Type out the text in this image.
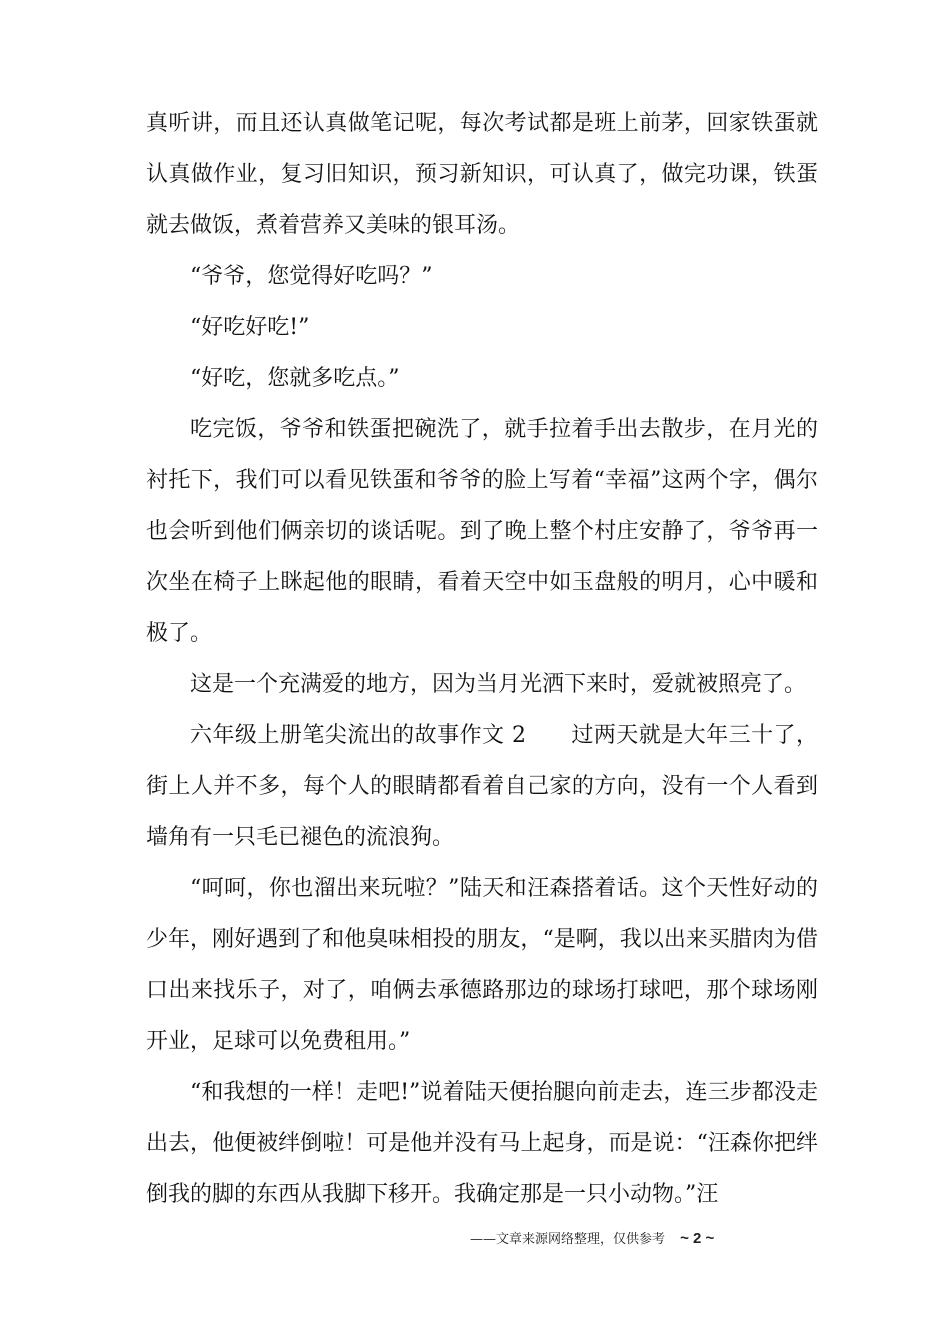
真听讲，而且还认真做笔记呢，每次考试都是班上前茅，回家铁蛋就认真做作业，复习旧知识，预习新知识，可认真了，做完功课，铁蛋就去做饭，煮着营养又美味的银耳汤。

“爷爷，您觉得好吃吗？”

“好吃好吃!”

“好吃，您就多吃点。”

吃完饭，爷爷和铁蛋把碗洗了，就手拉着手出去散步，在月光的衬托下，我们可以看见铁蛋和爷爷的脸上写着“幸福”这两个字，偶尔也会听到他们俩亲切的谈话呢。到了晚上整个村庄安静了，爷爷再一次坐在椅子上眯起他的眼睛，看着天空中如玉盘般的明月，心中暖和极了。

这是一个充满爱的地方，因为当月光洒下来时，爱就被照亮了。

六年级上册笔尖流出的故事作文 2　　过两天就是大年三十了，街上人并不多，每个人的眼睛都看着自己家的方向，没有一个人看到墙角有一只毛已褪色的流浪狗。

“呵呵，你也溜出来玩啦？”陆天和汪森搭着话。这个天性好动的少年，刚好遇到了和他臭味相投的朋友，“是啊，我以出来买腊肉为借口出来找乐子，对了，咱俩去承德路那边的球场打球吧，那个球场刚开业，足球可以免费租用。”

“和我想的一样！走吧!”说着陆天便抬腿向前走去，连三步都没走出去，他便被绊倒啦！可是他并没有马上起身，而是说：“汪森你把绊倒我的脚的东西从我脚下移开。我确定那是一只小动物。”汪

——文章来源网络整理，仅供参考 ~ 2 ~
